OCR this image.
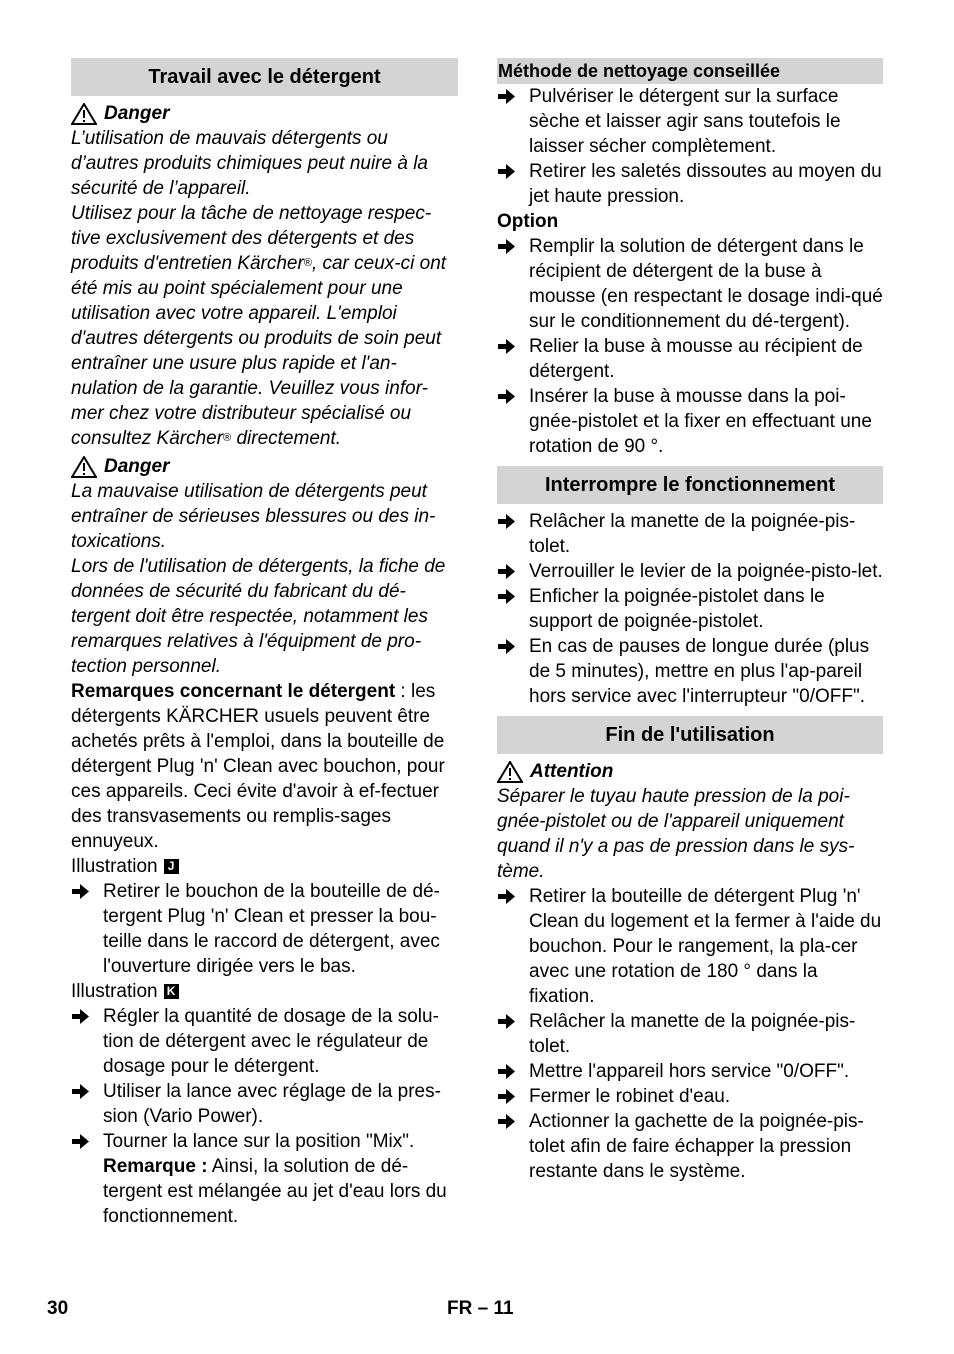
Travail avec le détergent
Danger

L’utilisation de mauvais détergents ou d’autres produits chimiques peut nuire à la sécurité de l’appareil.

Utilisez pour la tâche de nettoyage respec-tive exclusivement des détergents et des produits d'entretien Kärcher®, car ceux-ci ont été mis au point spécialement pour une utilisation avec votre appareil. L'emploi d'autres détergents ou produits de soin peut entraîner une usure plus rapide et l'an-nulation de la garantie. Veuillez vous infor-mer chez votre distributeur spécialisé ou consultez Kärcher® directement.

Danger

La mauvaise utilisation de détergents peut entraîner de sérieuses blessures ou des in-toxications.

Lors de l'utilisation de détergents, la fiche de données de sécurité du fabricant du dé-tergent doit être respectée, notamment les remarques relatives à l'équipment de pro-tection personnel.

Remarques concernant le détergent : les détergents KÄRCHER usuels peuvent être achetés prêts à l'emploi, dans la bouteille de détergent Plug 'n' Clean avec bouchon, pour ces appareils. Ceci évite d'avoir à ef-fectuer des transvasements ou remplis-sages ennuyeux.

Illustration J

Retirer le bouchon de la bouteille de dé-tergent Plug 'n' Clean et presser la bou-teille dans le raccord de détergent, avec l'ouverture dirigée vers le bas.

Illustration K

Régler la quantité de dosage de la solu-tion de détergent avec le régulateur de dosage pour le détergent.
Utiliser la lance avec réglage de la pres-sion (Vario Power).
Tourner la lance sur la position "Mix".

Remarque : Ainsi, la solution de dé-tergent est mélangée au jet d'eau lors du fonctionnement.

Méthode de nettoyage conseillée
Pulvériser le détergent sur la surface sèche et laisser agir sans toutefois le laisser sécher complètement.
Retirer les saletés dissoutes au moyen du jet haute pression.

Option

Remplir la solution de détergent dans le récipient de détergent de la buse à mousse (en respectant le dosage indi-qué sur le conditionnement du dé-tergent).
Relier la buse à mousse au récipient de détergent.
Insérer la buse à mousse dans la poi-gnée-pistolet et la fixer en effectuant une rotation de 90 °.
Interrompre le fonctionnement
Relâcher la manette de la poignée-pis-tolet.
Verrouiller le levier de la poignée-pisto-let.
Enficher la poignée-pistolet dans le support de poignée-pistolet.
En cas de pauses de longue durée (plus de 5 minutes), mettre en plus l'ap-pareil hors service avec l'interrupteur "0/OFF".
Fin de l'utilisation
Attention

Séparer le tuyau haute pression de la poi-gnée-pistolet ou de l'appareil uniquement quand il n'y a pas de pression dans le sys-tème.

Retirer la bouteille de détergent Plug 'n' Clean du logement et la fermer à l'aide du bouchon. Pour le rangement, la pla-cer avec une rotation de 180 ° dans la fixation.
Relâcher la manette de la poignée-pis-tolet.
Mettre l'appareil hors service "0/OFF".
Fermer le robinet d'eau.
Actionner la gachette de la poignée-pis-tolet afin de faire échapper la pression restante dans le système.
30	FR – 11
